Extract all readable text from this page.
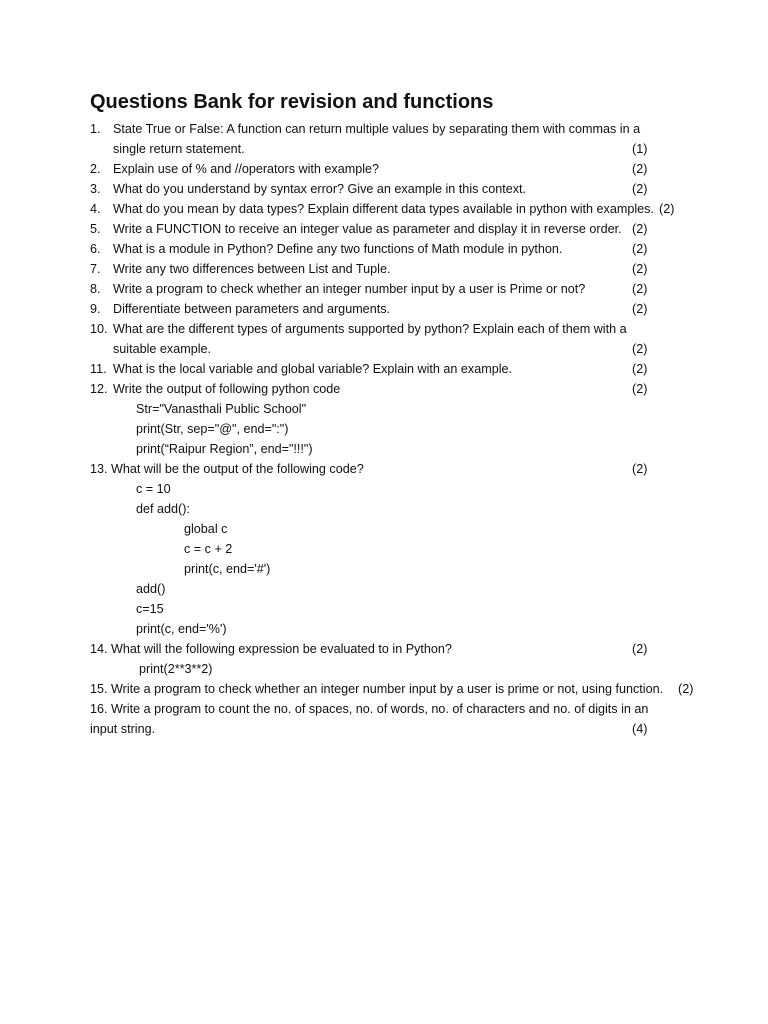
Questions Bank for revision and functions
1. State True or False: A function can return multiple values by separating them with commas in a
single return statement.	(1)
2. Explain use of % and //operators with example?	(2)
3. What do you understand by syntax error? Give an example in this context.	(2)
4. What do you mean by data types? Explain different data types available in python with examples. (2)
5. Write a FUNCTION to receive an integer value as parameter and display it in reverse order. (2)
6. What is a module in Python? Define any two functions of Math module in python.	(2)
7. Write any two differences between List and Tuple.	(2)
8. Write a program to check whether an integer number input by a user is Prime or not?	(2)
9. Differentiate between parameters and arguments.	(2)
10. What are the different types of arguments supported by python? Explain each of them with a
suitable example.	(2)
11. What is the local variable and global variable? Explain with an example.	(2)
12. Write the output of following python code	(2)
Str="Vanasthali Public School"
print(Str, sep="@", end=":")
print(“Raipur Region”, end="!!!")
13. What will be the output of the following code?	(2)
c = 10
def add():
global c
c = c + 2
print(c, end='#')
add()
c=15
print(c, end='%')
14. What will the following expression be evaluated to in Python?	(2)
print(2**3**2)
15. Write a program to check whether an integer number input by a user is prime or not, using function. (2)
16. Write a program to count the no. of spaces, no. of words, no. of characters and no. of digits in an
input string.	(4)
